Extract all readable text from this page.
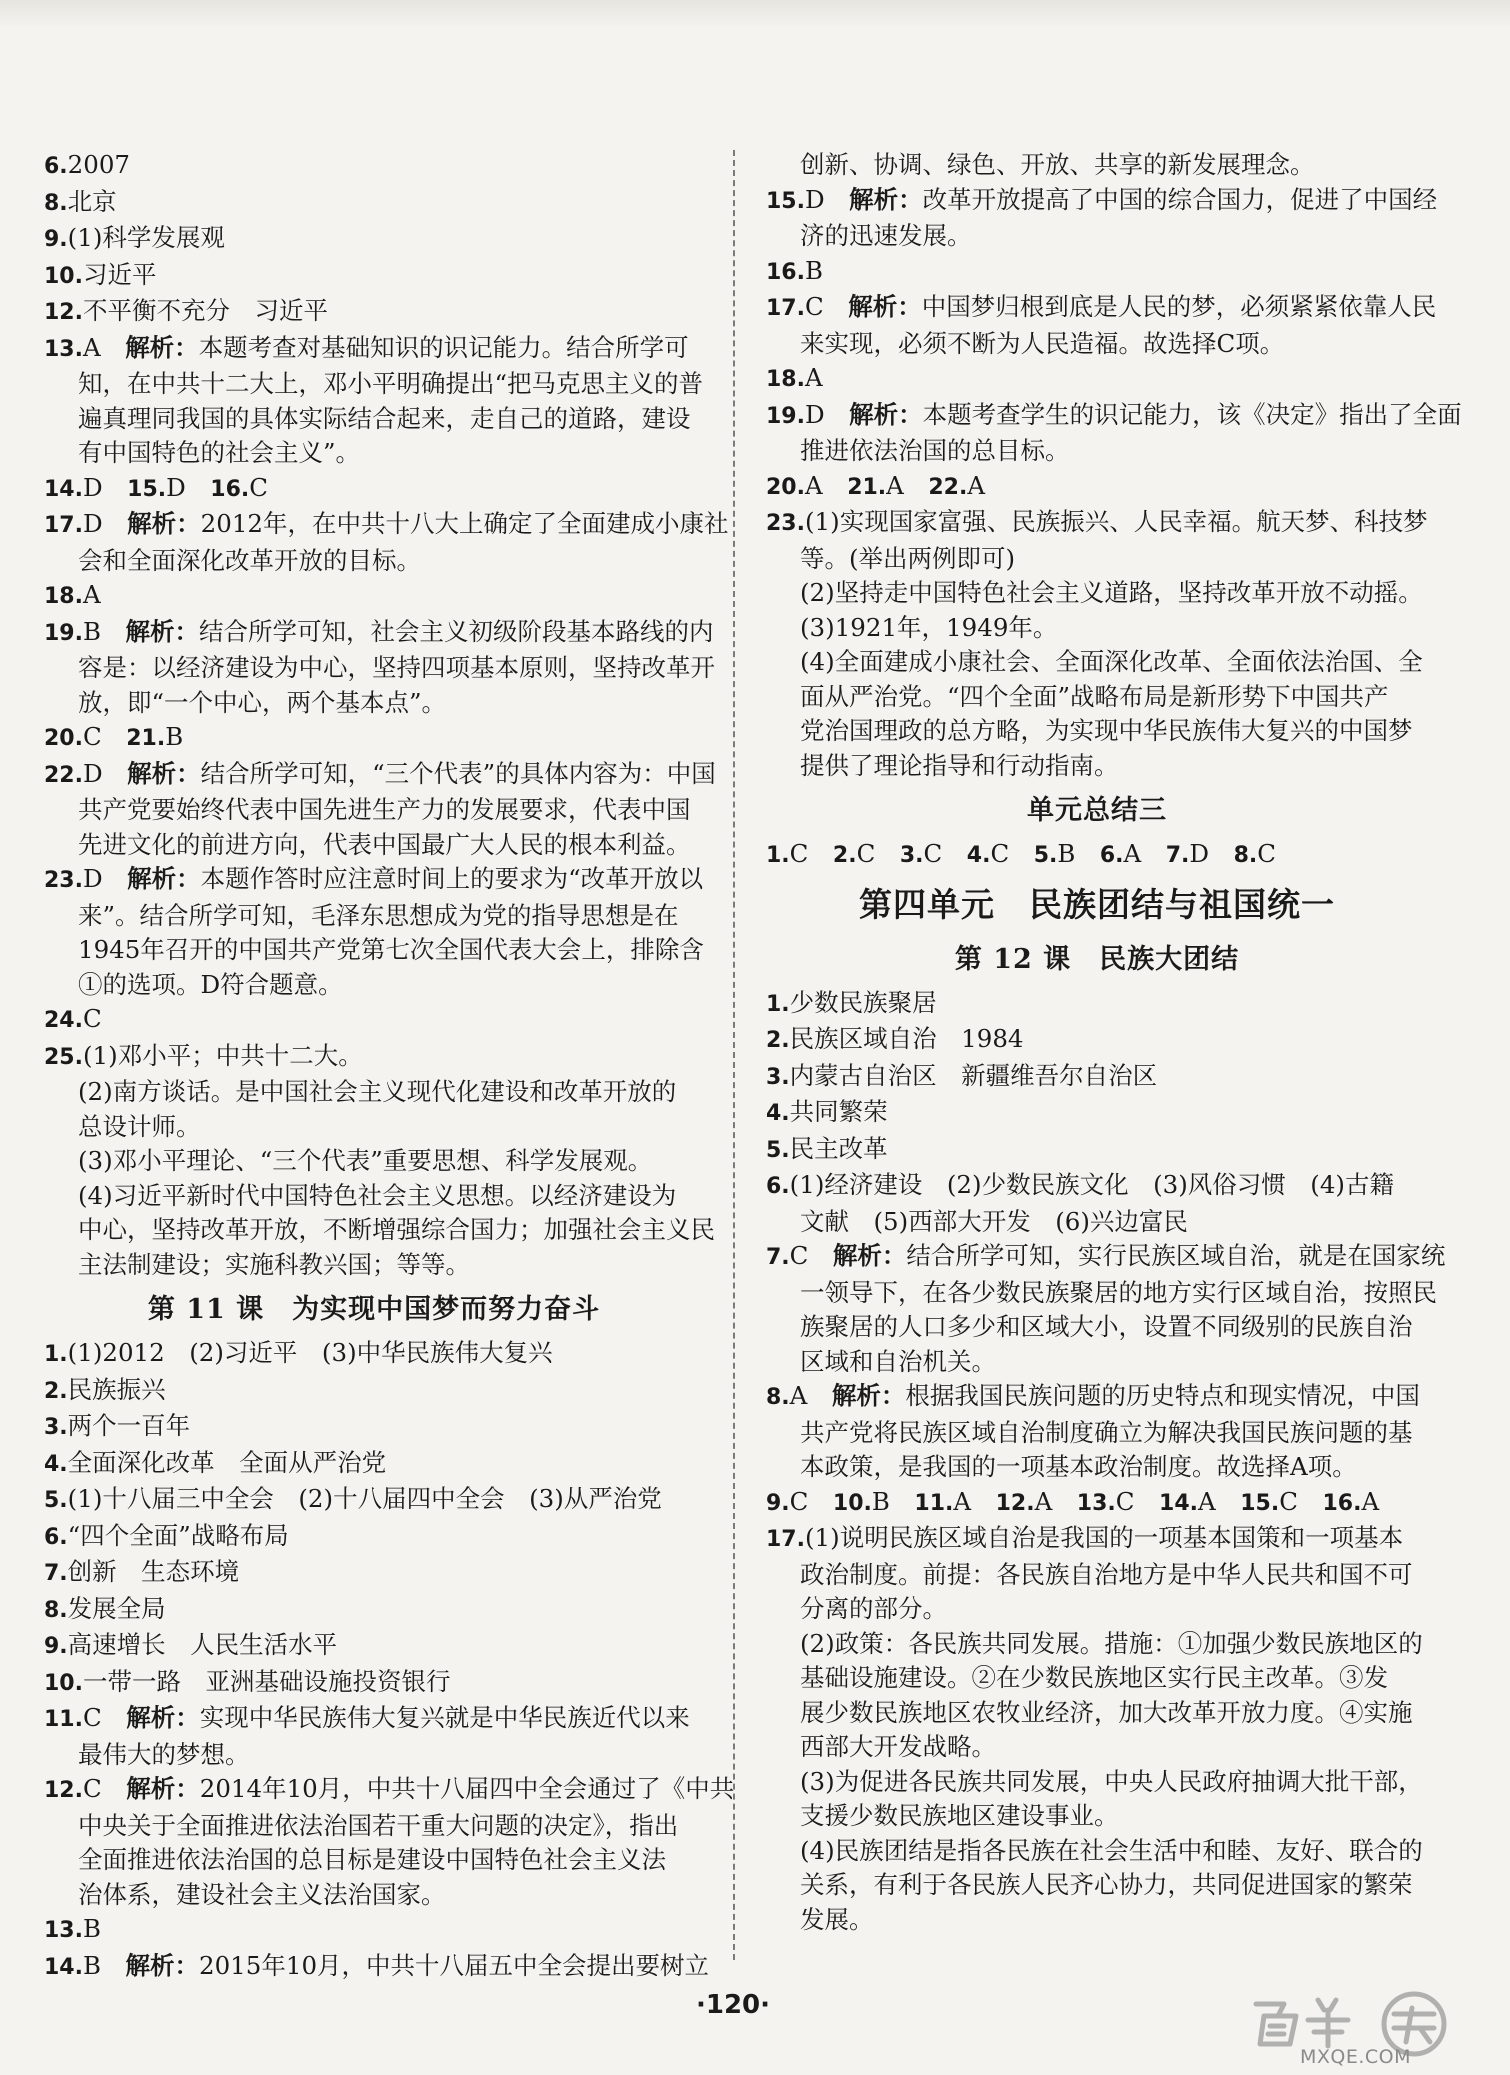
6.2007
8.北京
9.(1)科学发展观
10.习近平
12.不平衡不充分　习近平
13.A　解析：本题考查对基础知识的识记能力。结合所学可
知，在中共十二大上，邓小平明确提出“把马克思主义的普
遍真理同我国的具体实际结合起来，走自己的道路，建设
有中国特色的社会主义”。
14.D　15.D　16.C
17.D　解析：2012年，在中共十八大上确定了全面建成小康社
会和全面深化改革开放的目标。
18.A
19.B　解析：结合所学可知，社会主义初级阶段基本路线的内
容是：以经济建设为中心，坚持四项基本原则，坚持改革开
放，即“一个中心，两个基本点”。
20.C　21.B
22.D　解析：结合所学可知，“三个代表”的具体内容为：中国
共产党要始终代表中国先进生产力的发展要求，代表中国
先进文化的前进方向，代表中国最广大人民的根本利益。
23.D　解析：本题作答时应注意时间上的要求为“改革开放以
来”。结合所学可知，毛泽东思想成为党的指导思想是在
1945年召开的中国共产党第七次全国代表大会上，排除含
①的选项。D符合题意。
24.C
25.(1)邓小平；中共十二大。
(2)南方谈话。是中国社会主义现代化建设和改革开放的
总设计师。
(3)邓小平理论、“三个代表”重要思想、科学发展观。
(4)习近平新时代中国特色社会主义思想。以经济建设为
中心，坚持改革开放，不断增强综合国力；加强社会主义民
主法制建设；实施科教兴国；等等。
第 11 课　为实现中国梦而努力奋斗
1.(1)2012　(2)习近平　(3)中华民族伟大复兴
2.民族振兴
3.两个一百年
4.全面深化改革　全面从严治党
5.(1)十八届三中全会　(2)十八届四中全会　(3)从严治党
6.“四个全面”战略布局
7.创新　生态环境
8.发展全局
9.高速增长　人民生活水平
10.一带一路　亚洲基础设施投资银行
11.C　解析：实现中华民族伟大复兴就是中华民族近代以来
最伟大的梦想。
12.C　解析：2014年10月，中共十八届四中全会通过了《中共
中央关于全面推进依法治国若干重大问题的决定》，指出
全面推进依法治国的总目标是建设中国特色社会主义法
治体系，建设社会主义法治国家。
13.B
14.B　解析：2015年10月，中共十八届五中全会提出要树立
创新、协调、绿色、开放、共享的新发展理念。
15.D　解析：改革开放提高了中国的综合国力，促进了中国经
济的迅速发展。
16.B
17.C　解析：中国梦归根到底是人民的梦，必须紧紧依靠人民
来实现，必须不断为人民造福。故选择C项。
18.A
19.D　解析：本题考查学生的识记能力，该《决定》指出了全面
推进依法治国的总目标。
20.A　21.A　22.A
23.(1)实现国家富强、民族振兴、人民幸福。航天梦、科技梦
等。(举出两例即可)
(2)坚持走中国特色社会主义道路，坚持改革开放不动摇。
(3)1921年，1949年。
(4)全面建成小康社会、全面深化改革、全面依法治国、全
面从严治党。“四个全面”战略布局是新形势下中国共产
党治国理政的总方略，为实现中华民族伟大复兴的中国梦
提供了理论指导和行动指南。
单元总结三
1.C　2.C　3.C　4.C　5.B　6.A　7.D　8.C
第四单元　民族团结与祖国统一
第 12 课　民族大团结
1.少数民族聚居
2.民族区域自治　1984
3.内蒙古自治区　新疆维吾尔自治区
4.共同繁荣
5.民主改革
6.(1)经济建设　(2)少数民族文化　(3)风俗习惯　(4)古籍
文献　(5)西部大开发　(6)兴边富民
7.C　解析：结合所学可知，实行民族区域自治，就是在国家统
一领导下，在各少数民族聚居的地方实行区域自治，按照民
族聚居的人口多少和区域大小，设置不同级别的民族自治
区域和自治机关。
8.A　解析：根据我国民族问题的历史特点和现实情况，中国
共产党将民族区域自治制度确立为解决我国民族问题的基
本政策，是我国的一项基本政治制度。故选择A项。
9.C　10.B　11.A　12.A　13.C　14.A　15.C　16.A
17.(1)说明民族区域自治是我国的一项基本国策和一项基本
政治制度。前提：各民族自治地方是中华人民共和国不可
分离的部分。
(2)政策：各民族共同发展。措施：①加强少数民族地区的
基础设施建设。②在少数民族地区实行民主改革。③发
展少数民族地区农牧业经济，加大改革开放力度。④实施
西部大开发战略。
(3)为促进各民族共同发展，中央人民政府抽调大批干部，
支援少数民族地区建设事业。
(4)民族团结是指各民族在社会生活中和睦、友好、联合的
关系，有利于各民族人民齐心协力，共同促进国家的繁荣
发展。
·120·
MXQE.COM
